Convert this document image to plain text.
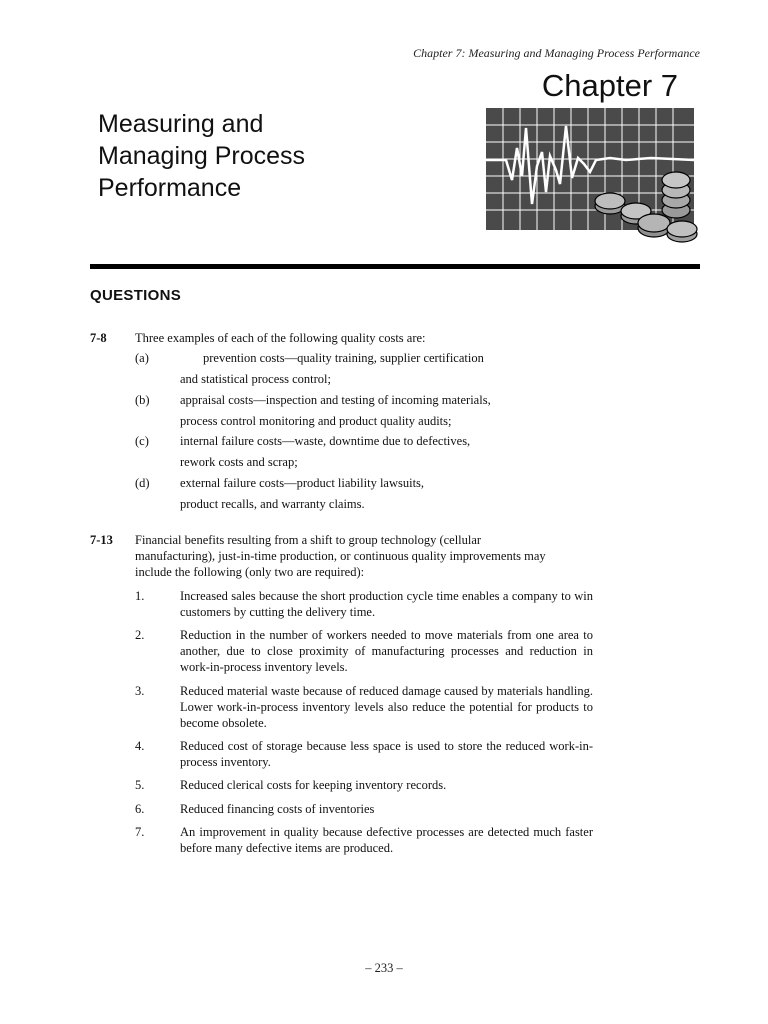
Chapter 7: Measuring and Managing Process Performance
Chapter 7
Measuring and
Managing Process
Performance
QUESTIONS
7-8 Three examples of each of the following quality costs are:
(a)	prevention costs—quality training, supplier certification
and statistical process control;
(b) appraisal costs—inspection and testing of incoming materials,
process control monitoring and product quality audits;
(c) internal failure costs—waste, downtime due to defectives,
rework costs and scrap;
(d) external failure costs—product liability lawsuits,
product recalls, and warranty claims.
7-13 Financial benefits resulting from a shift to group technology (cellular manufacturing), just-in-time production, or continuous quality improvements may include the following (only two are required):
1.	Increased sales because the short production cycle time enables a company to win customers by cutting the delivery time.
2.	Reduction in the number of workers needed to move materials from one area to another, due to close proximity of manufacturing processes and reduction in work-in-process inventory levels.
3.	Reduced material waste because of reduced damage caused by materials handling. Lower work-in-process inventory levels also reduce the potential for products to become obsolete.
4.	Reduced cost of storage because less space is used to store the reduced work-in-process inventory.
5.	Reduced clerical costs for keeping inventory records.
6.	Reduced financing costs of inventories
7.	An improvement in quality because defective processes are detected much faster before many defective items are produced.
– 233 –
